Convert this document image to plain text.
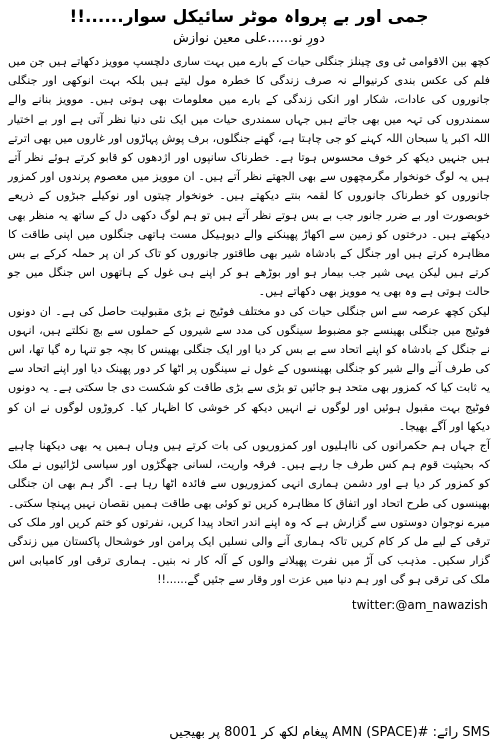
جمی اور بے پرواہ موٹر سائیکل سوار......!!
دورِ نو......علی معین نوازش

کچھ بین الاقوامی ٹی وی چینلز جنگلی حیات کے بارے میں بہت ساری دلچسپ موویز دکھاتے ہیں جن میں فلم کی عکس بندی کرنیوالے نہ صرف زندگی کا خطرہ مول لیتے ہیں بلکہ بہت انوکھی اور جنگلی جانوروں کی عادات، شکار اور انکی زندگی کے بارے میں معلومات بھی ہوتی ہیں۔ موویز بنانے والے سمندروں کی تہہ میں بھی جاتے ہیں جہاں سمندری حیات میں ایک نئی دنیا نظر آتی ہے اور بے اختیار اللہ اکبر یا سبحان اللہ کہنے کو جی چاہتا ہے، گھنے جنگلوں، برف پوش پہاڑوں اور غاروں میں بھی اترتے ہیں جنہیں دیکھ کر خوف محسوس ہوتا ہے۔ خطرناک سانپوں اور اژدھوں کو قابو کرتے ہوئے نظر آتے ہیں یہ لوگ خونخوار مگرمچھوں سے بھی الجھتے نظر آتے ہیں۔ ان موویز میں معصوم پرندوں اور کمزور جانوروں کو خطرناک جانوروں کا لقمہ بنتے دیکھتے ہیں۔ خونخوار چیتوں اور نوکیلے جبڑوں کے ذریعے خوبصورت اور بے ضرر جانور جب بے بس ہوتے نظر آتے ہیں تو ہم لوگ دکھی دل کے ساتھ یہ منظر بھی دیکھتے ہیں۔ درختوں کو زمین سے اکھاڑ پھینکنے والے دیوہیکل مست ہاتھی جنگلوں میں اپنی طاقت کا مظاہرہ کرتے ہیں اور جنگل کے بادشاہ شیر بھی طاقتور جانوروں کو تاک کر ان پر حملہ کرکے بے بس کرتے ہیں لیکن یہی شیر جب بیمار ہو اور بوڑھے ہو کر اپنے ہی غول کے ہاتھوں اس جنگل میں جو حالت ہوتی ہے وہ بھی یہ موویز بھی دکھاتے ہیں۔

لیکن کچھ عرصہ سے اس جنگلی حیات کی دو مختلف فوٹیج نے بڑی مقبولیت حاصل کی ہے۔ ان دونوں فوٹیج میں جنگلی بھینسے جو مضبوط سینگوں کی مدد سے شیروں کے حملوں سے بچ نکلتے ہیں، انہوں نے جنگل کے بادشاہ کو اپنے اتحاد سے بے بس کر دیا اور ایک جنگلی بھینس کا بچہ جو تنہا رہ گیا تھا، اس کی طرف آنے والے شیر کو جنگلی بھینسوں کے غول نے سینگوں پر اٹھا کر دور پھینک دیا اور اپنے اتحاد سے یہ ثابت کیا کہ کمزور بھی متحد ہو جائیں تو بڑی سے بڑی طاقت کو شکست دی جا سکتی ہے۔ یہ دونوں فوٹیج بہت مقبول ہوئیں اور لوگوں نے انہیں دیکھ کر خوشی کا اظہار کیا۔ کروڑوں لوگوں نے ان کو دیکھا اور آگے بھیجا۔

آج جہاں ہم حکمرانوں کی نااہلیوں اور کمزوریوں کی بات کرتے ہیں وہاں ہمیں یہ بھی دیکھنا چاہیے کہ بحیثیت قوم ہم کس طرف جا رہے ہیں۔ فرقہ واریت، لسانی جھگڑوں اور سیاسی لڑائیوں نے ملک کو کمزور کر دیا ہے اور دشمن ہماری انہی کمزوریوں سے فائدہ اٹھا رہا ہے۔ اگر ہم بھی ان جنگلی بھینسوں کی طرح اتحاد اور اتفاق کا مظاہرہ کریں تو کوئی بھی طاقت ہمیں نقصان نہیں پہنچا سکتی۔ میرے نوجوان دوستوں سے گزارش ہے کہ وہ اپنے اندر اتحاد پیدا کریں، نفرتوں کو ختم کریں اور ملک کی ترقی کے لیے مل کر کام کریں تاکہ ہماری آنے والی نسلیں ایک پرامن اور خوشحال پاکستان میں زندگی گزار سکیں۔ مذہب کی آڑ میں نفرت پھیلانے والوں کے آلہ کار نہ بنیں۔ ہماری ترقی اور کامیابی اس ملک کی ترقی ہو گی اور ہم دنیا میں عزت اور وقار سے جئیں گے......!!

twitter:@am_nawazish
SMS رائے: #AMN (SPACE) پیغام لکھ کر 8001 پر بھیجیں
